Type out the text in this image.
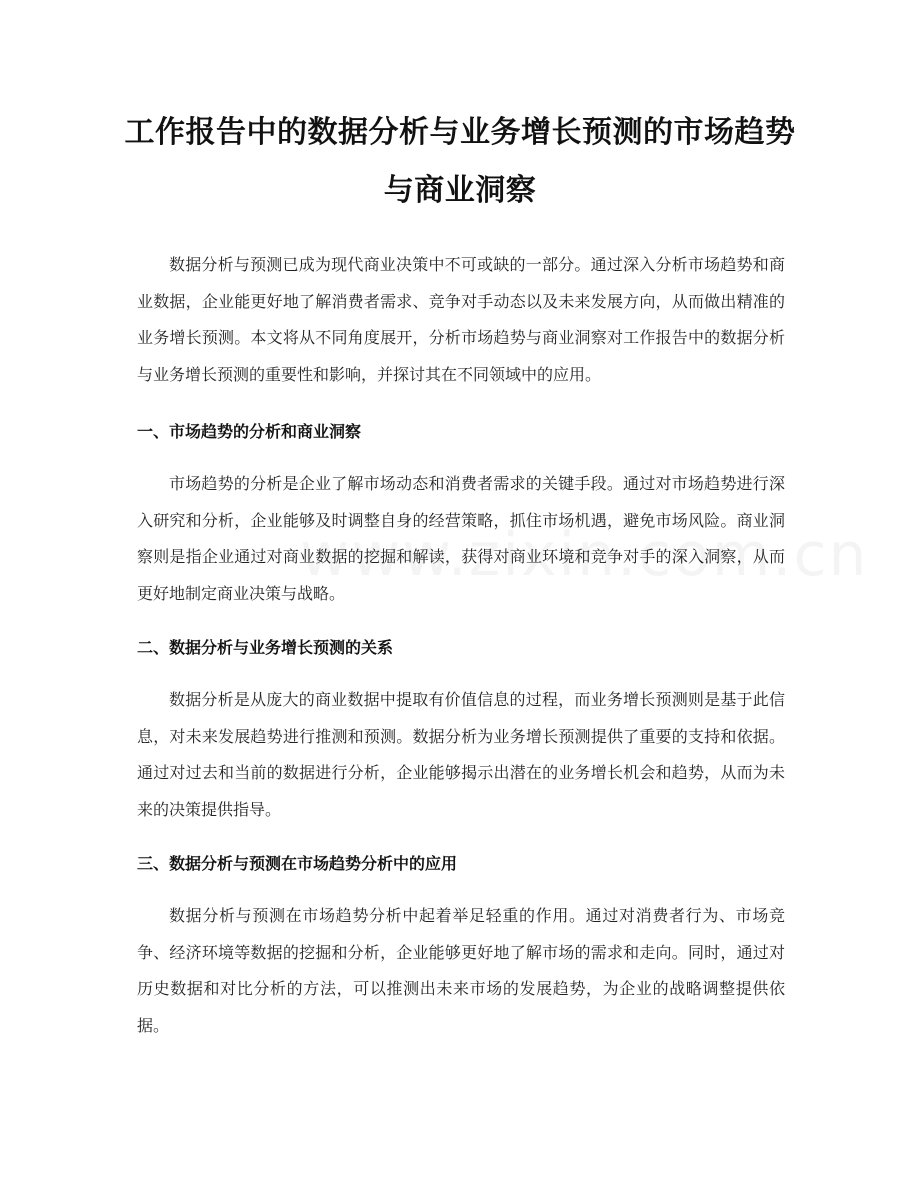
工作报告中的数据分析与业务增长预测的市场趋势与商业洞察

数据分析与预测已成为现代商业决策中不可或缺的一部分。通过深入分析市场趋势和商业数据，企业能更好地了解消费者需求、竞争对手动态以及未来发展方向，从而做出精准的业务增长预测。本文将从不同角度展开，分析市场趋势与商业洞察对工作报告中的数据分析与业务增长预测的重要性和影响，并探讨其在不同领域中的应用。

一、市场趋势的分析和商业洞察

市场趋势的分析是企业了解市场动态和消费者需求的关键手段。通过对市场趋势进行深入研究和分析，企业能够及时调整自身的经营策略，抓住市场机遇，避免市场风险。商业洞察则是指企业通过对商业数据的挖掘和解读，获得对商业环境和竞争对手的深入洞察，从而更好地制定商业决策与战略。

二、数据分析与业务增长预测的关系

数据分析是从庞大的商业数据中提取有价值信息的过程，而业务增长预测则是基于此信息，对未来发展趋势进行推测和预测。数据分析为业务增长预测提供了重要的支持和依据。通过对过去和当前的数据进行分析，企业能够揭示出潜在的业务增长机会和趋势，从而为未来的决策提供指导。

三、数据分析与预测在市场趋势分析中的应用

数据分析与预测在市场趋势分析中起着举足轻重的作用。通过对消费者行为、市场竞争、经济环境等数据的挖掘和分析，企业能够更好地了解市场的需求和走向。同时，通过对历史数据和对比分析的方法，可以推测出未来市场的发展趋势，为企业的战略调整提供依据。
